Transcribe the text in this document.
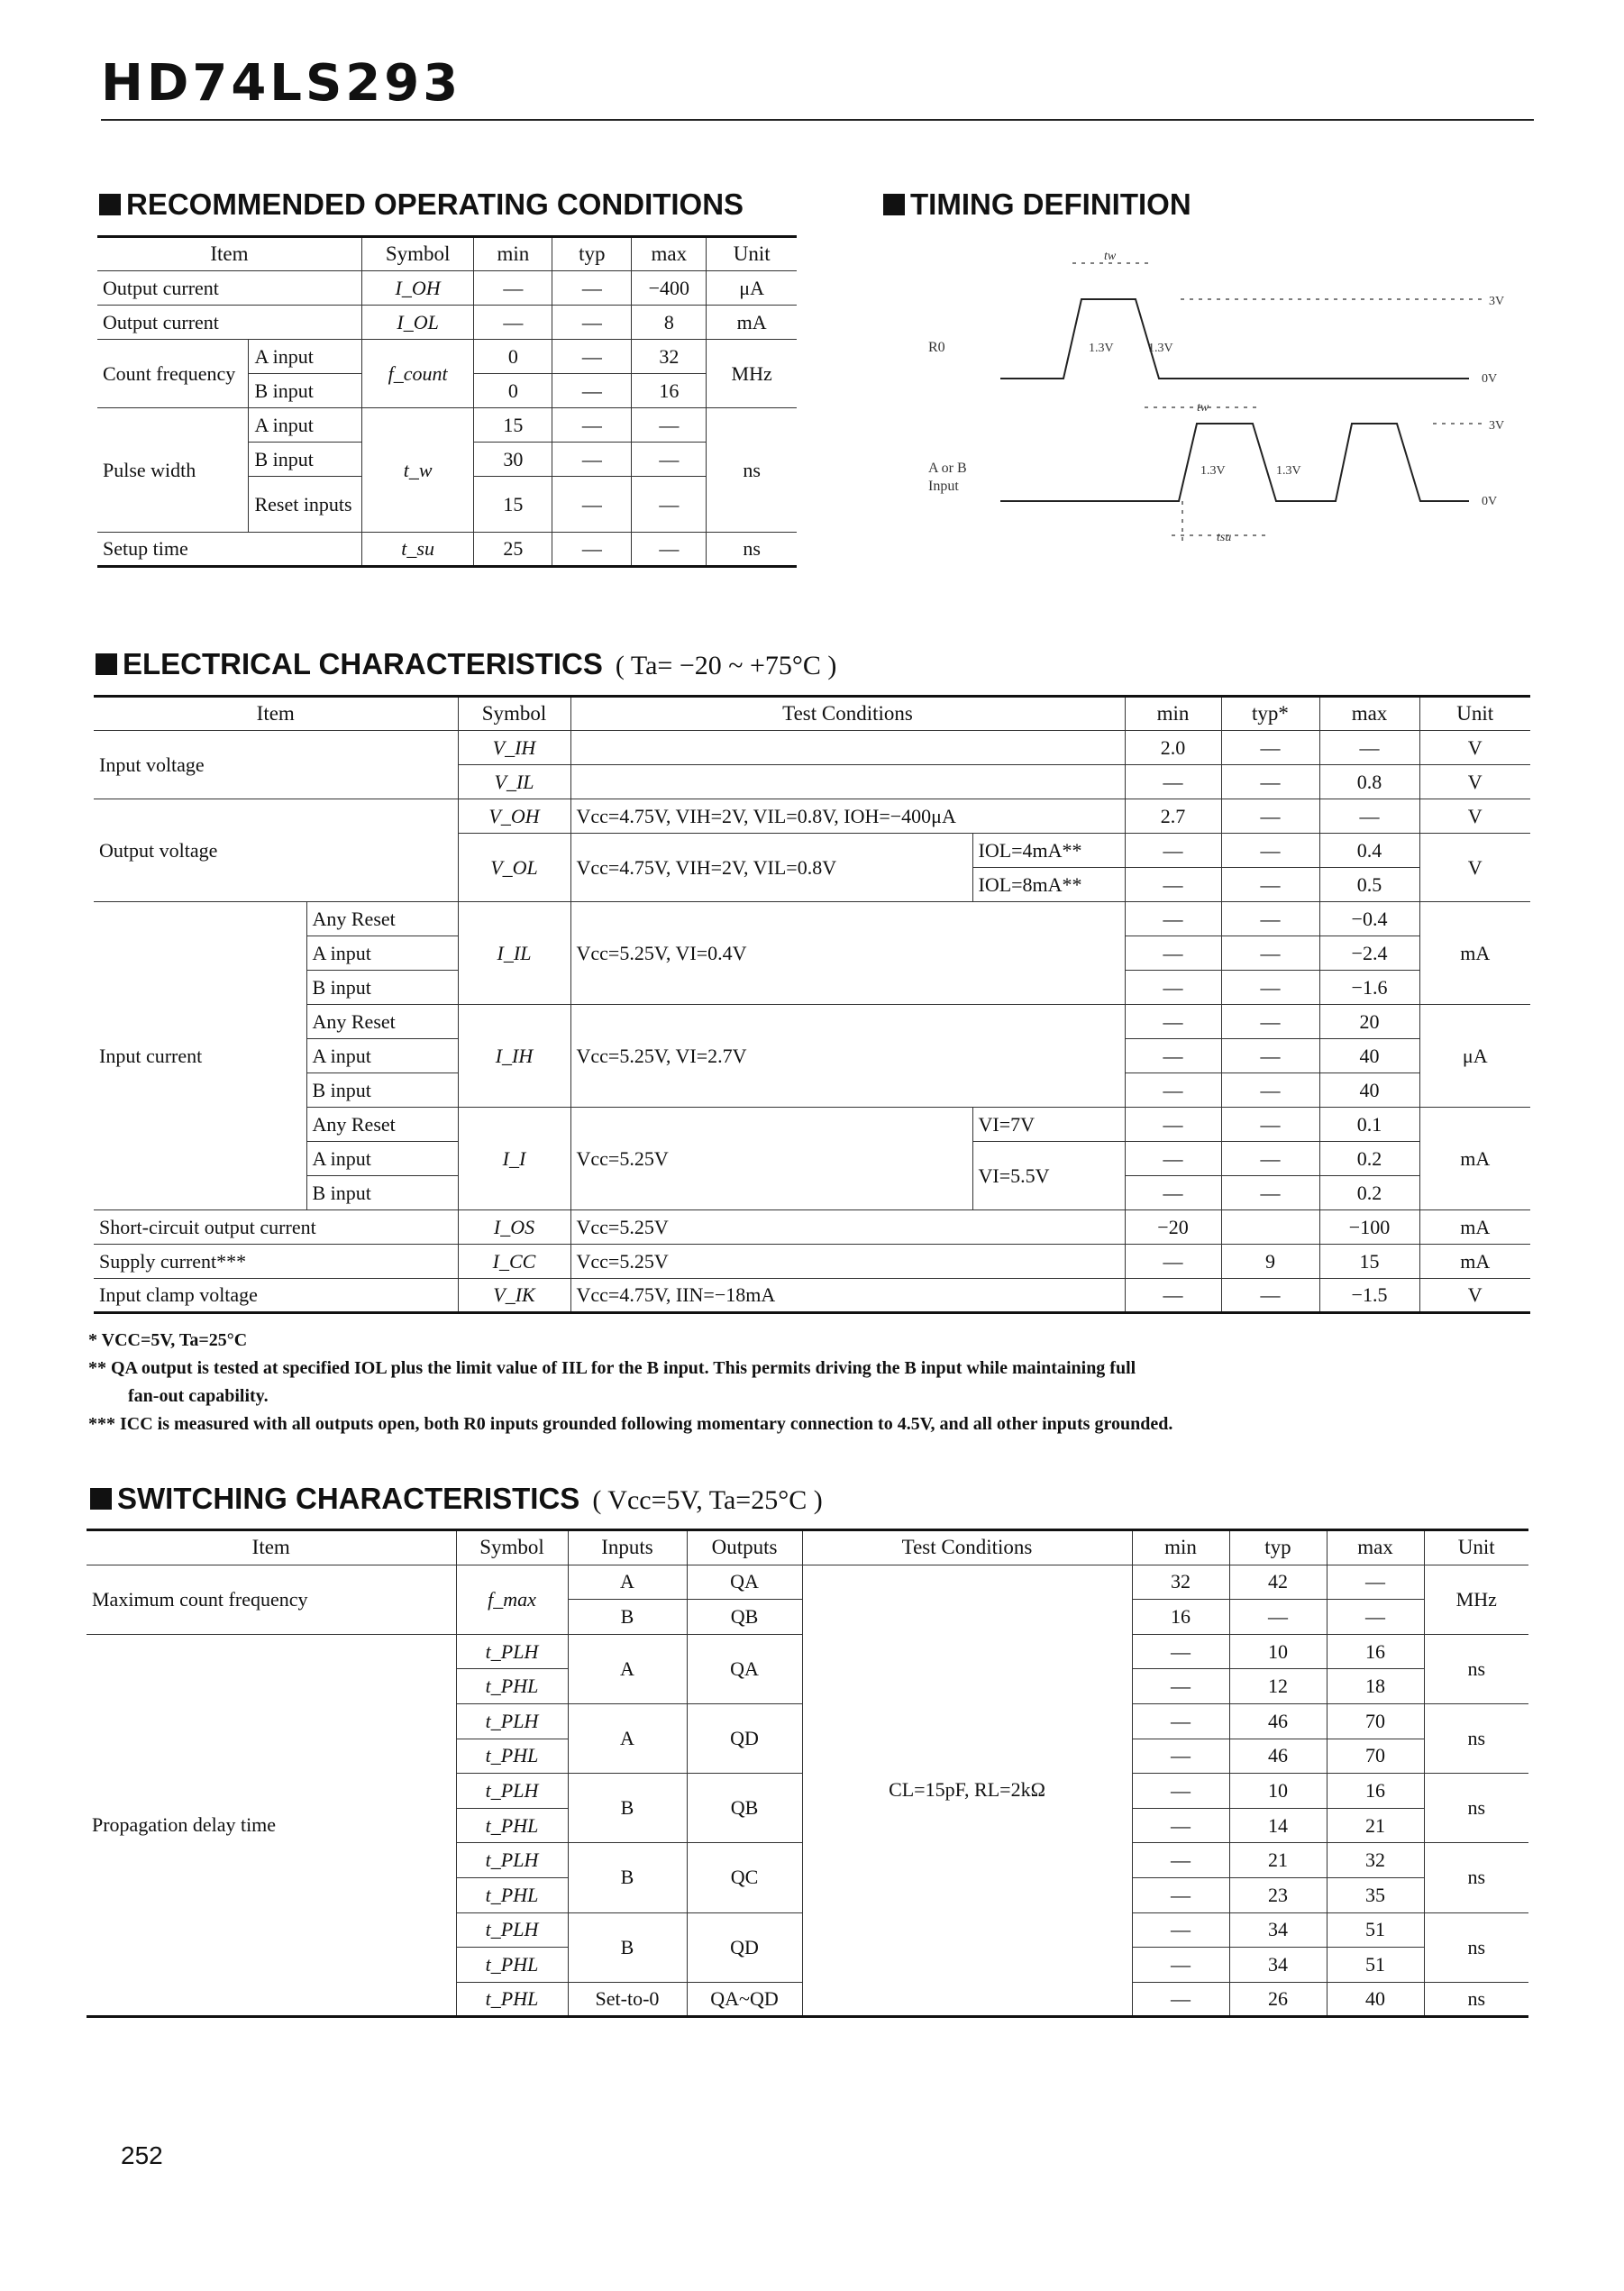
HD74LS293
RECOMMENDED OPERATING CONDITIONS
Item		Symbol	min	typ	max	Unit
Output current		I_OH	—	—	−400	μA
Output current		I_OL	—	—	8	mA
Count frequency	A input	f_count	0	—	32	MHz
	B input		0	—	16	
Pulse width	A input	t_w	15	—	—	ns
	B input		30	—	—	
	Reset inputs		15	—	—	
Setup time		t_su	25	—	—	ns
TIMING DEFINITION
R0
A or B
Input
1.3V	1.3V
1.3V	1.3V
3V
0V
3V
0V
tw
tw
tsu
ELECTRICAL CHARACTERISTICS ( Ta= −20 ~ +75°C )
Item		Symbol	Test Conditions		min	typ*	max	Unit
Input voltage		V_IH			2.0	—	—	V
		V_IL			—	—	0.8	V
Output voltage		V_OH	Vcc=4.75V, VIH=2V, VIL=0.8V, IOH=−400μA		2.7	—	—	V
		V_OL	Vcc=4.75V, VIH=2V, VIL=0.8V	IOL=4mA**	—	—	0.4	V
				IOL=8mA**	—	—	0.5	
Input current	Any Reset	I_IL	Vcc=5.25V, VI=0.4V		—	—	−0.4	mA
	A input				—	—	−2.4	
	B input				—	—	−1.6	
	Any Reset	I_IH	Vcc=5.25V, VI=2.7V		—	—	20	μA
	A input				—	—	40	
	B input				—	—	40	
	Any Reset	I_I	Vcc=5.25V	VI=7V	—	—	0.1	mA
	A input			VI=5.5V	—	—	0.2	
	B input				—	—	0.2	
Short-circuit output current		I_OS	Vcc=5.25V		−20		−100	mA
Supply current***		I_CC	Vcc=5.25V		—	9	15	mA
Input clamp voltage		V_IK	Vcc=4.75V, IIN=−18mA		—	—	−1.5	V
* VCC=5V, Ta=25°C
** QA output is tested at specified IOL plus the limit value of IIL for the B input. This permits driving the B input while maintaining full
fan-out capability.
*** ICC is measured with all outputs open, both R0 inputs grounded following momentary connection to 4.5V, and all other inputs grounded.
SWITCHING CHARACTERISTICS ( Vcc=5V, Ta=25°C )
Item	Symbol	Inputs	Outputs	Test Conditions	min	typ	max	Unit
Maximum count frequency	f_max	A	QA	CL=15pF, RL=2kΩ	32	42	—	MHz
		B	QB		16	—	—	
Propagation delay time	t_PLH	A	QA		—	10	16	ns
	t_PHL				—	12	18	
	t_PLH	A	QD		—	46	70	ns
	t_PHL				—	46	70	
	t_PLH	B	QB		—	10	16	ns
	t_PHL				—	14	21	
	t_PLH	B	QC		—	21	32	ns
	t_PHL				—	23	35	
	t_PLH	B	QD		—	34	51	ns
	t_PHL				—	34	51	
	t_PHL	Set-to-0	QA~QD		—	26	40	ns
252
